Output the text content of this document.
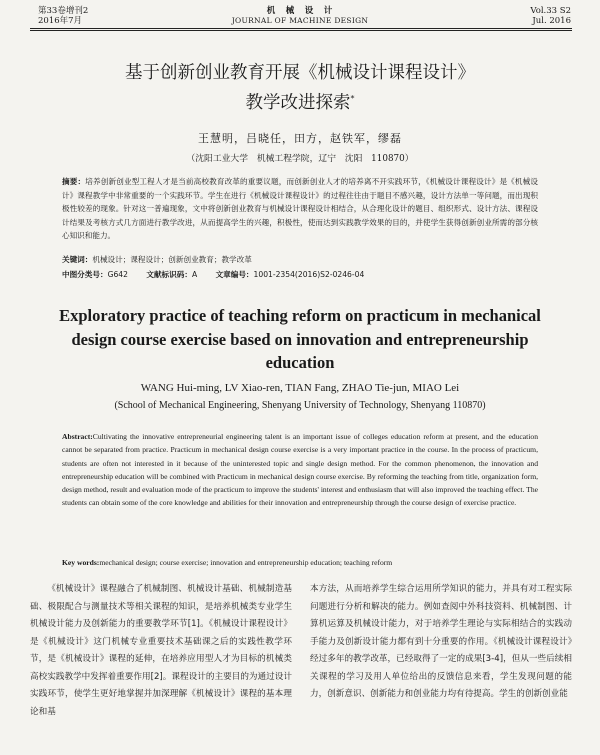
第33卷增刊2
2016年7月
机　械　设　计
JOURNAL OF MACHINE DESIGN
Vol.33 S2
Jul. 2016
基于创新创业教育开展《机械设计课程设计》
教学改进探索*
王慧明，吕晓任，田方，赵铁军，缪磊
（沈阳工业大学　机械工程学院，辽宁　沈阳　110870）
摘要：培养创新创业型工程人才是当前高校教育改革的重要议题，而创新创业人才的培养离不开实践环节，《机械设计课程设计》是《机械设计》课程教学中非常重要的一个实践环节。学生在进行《机械设计课程设计》的过程往往由于题目不感兴趣，设计方法单一等问题，而出现积极性较差的现象。针对这一普遍现象，文中将创新创业教育与机械设计课程设计相结合，从合理化设计的题目、组织形式、设计方法、课程设计结果及考核方式几方面进行教学改进，从而提高学生的兴趣，积极性，使而达到实践教学效果的目的，并使学生获得创新创业所需的部分核心知识和能力。
关键词：机械设计；课程设计；创新创业教育；教学改革
中图分类号：G642 文献标识码：A 文章编号：1001-2354(2016)S2-0246-04
Exploratory practice of teaching reform on practicum in mechanical
design course exercise based on innovation and entrepreneurship
education
WANG Hui-ming, LV Xiao-ren, TIAN Fang, ZHAO Tie-jun, MIAO Lei
(School of Mechanical Engineering, Shenyang University of Technology, Shenyang 110870)
Abstract:Cultivating the innovative entrepreneurial engineering talent is an important issue of colleges education reform at present, and the education cannot be separated from practice. Practicum in mechanical design course exercise is a very important practice in the course. In the process of practicum, students are often not interested in it because of the uninterested topic and single design method. For the common phenomenon, the innovation and entrepreneurship education will be combined with Practicum in mechanical design course exercise. By reforming the teaching from title, organization form, design method, result and evaluation mode of the practicum to improve the students' interest and enthusiasm that will also improved the teaching effect. The students can obtain some of the core knowledge and abilities for their innovation and entrepreneurship through the course design of exercise practice.
Key words:mechanical design; course exercise; innovation and entrepreneurship education; teaching reform
《机械设计》课程融合了机械制图、机械设计基础、机械制造基础、极限配合与测量技术等相关课程的知识，是培养机械类专业学生机械设计能力及创新能力的重要教学环节[1]。《机械设计课程设计》是《机械设计》这门机械专业重要技术基础课之后的实践性教学环节，是《机械设计》课程的延伸，在培养应用型人才为目标的机械类高校实践教学中发挥着重要作用[2]。课程设计的主要目的为通过设计实践环节，使学生更好地掌握并加深理解《机械设计》课程的基本理论和基
本方法，从而培养学生综合运用所学知识的能力，并具有对工程实际问题进行分析和解决的能力。例如查阅中外科技资料、机械制图、计算机运算及机械设计能力，对于培养学生理论与实际相结合的实践动手能力及创新设计能力都有到十分重要的作用。《机械设计课程设计》经过多年的教学改革，已经取得了一定的成果[3-4]，但从一些后续相关课程的学习及用人单位给出的反馈信息来看，学生发现问题的能力，创新意识、创新能力和创业能力均有待提高。学生的创新创业能
